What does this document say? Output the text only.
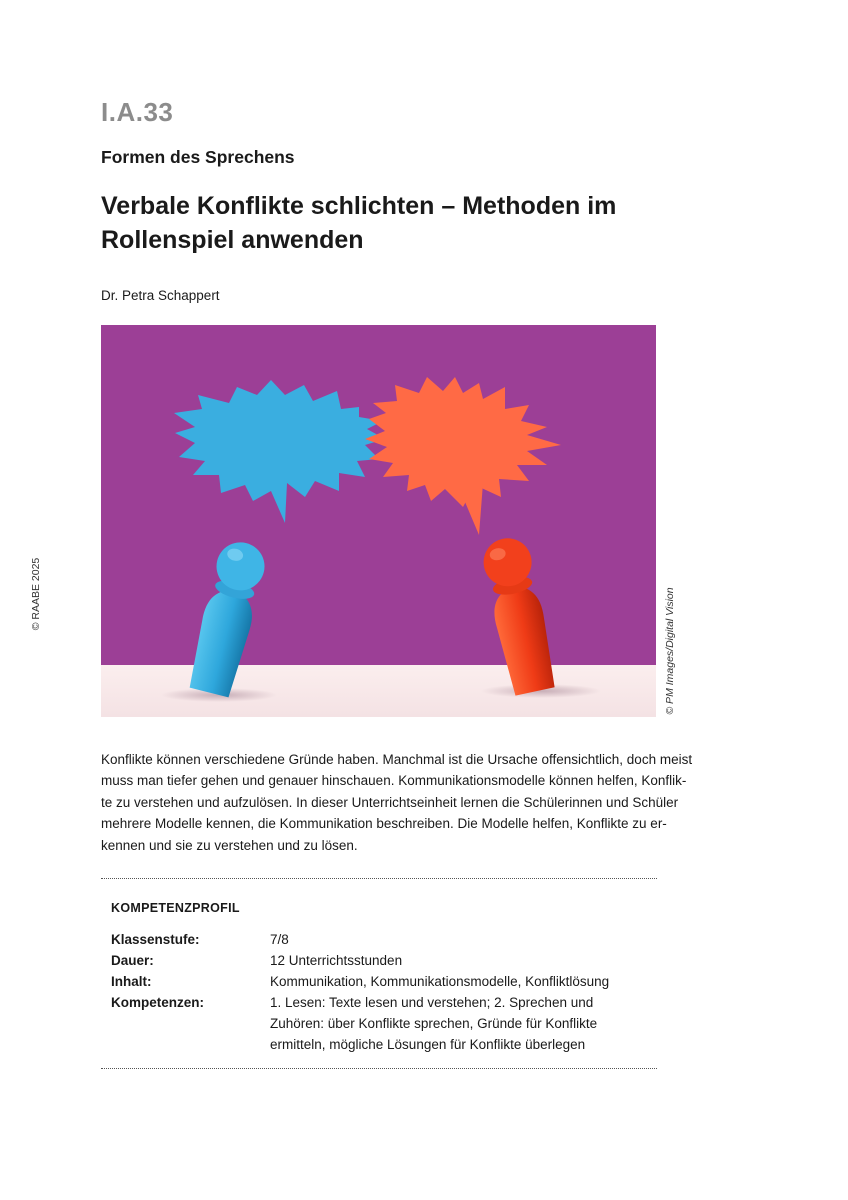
I.A.33
Formen des Sprechens
Verbale Konflikte schlichten – Methoden im Rollenspiel anwenden
Dr. Petra Schappert
© RAABE 2025	© PM Images/Digital Vision

Konflikte können verschiedene Gründe haben. Manchmal ist die Ursache offensichtlich, doch meist
muss man tiefer gehen und genauer hinschauen. Kommunikationsmodelle können helfen, Konflik-
te zu verstehen und aufzulösen. In dieser Unterrichtseinheit lernen die Schülerinnen und Schüler
mehrere Modelle kennen, die Kommunikation beschreiben. Die Modelle helfen, Konflikte zu er-
kennen und sie zu verstehen und zu lösen.

KOMPETENZPROFIL
Klassenstufe:	7/8
Dauer:	12 Unterrichtsstunden
Inhalt:	Kommunikation, Kommunikationsmodelle, Konfliktlösung
Kompetenzen:	1. Lesen: Texte lesen und verstehen; 2. Sprechen und Zuhören: über Konflikte sprechen, Gründe für Konflikte ermitteln, mögliche Lösungen für Konflikte überlegen
